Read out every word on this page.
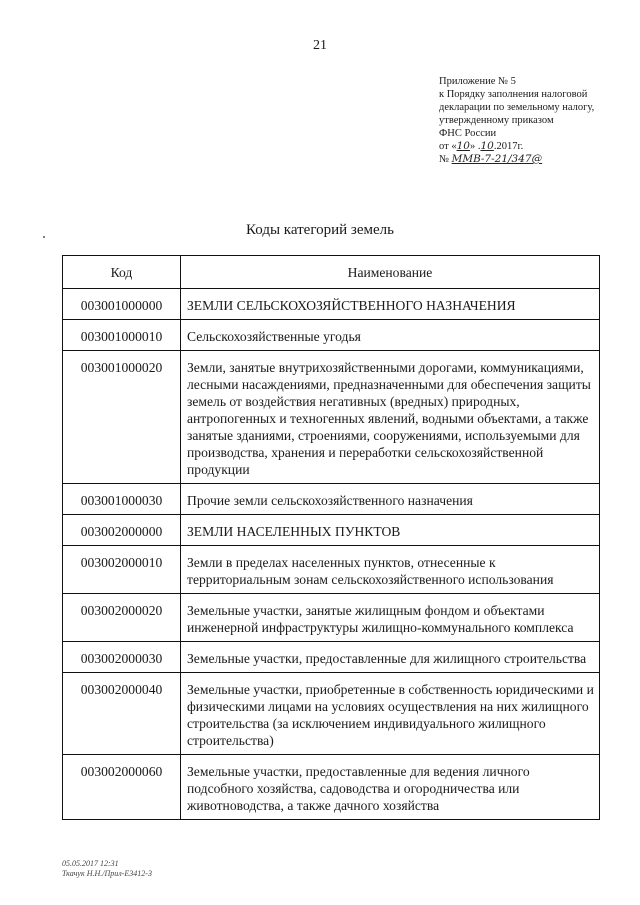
21
Приложение № 5
к Порядку заполнения налоговой
декларации по земельному налогу,
утвержденному приказом
ФНС России
от «10» .10.2017г.
№ ММВ-7-21/347@
Коды категорий земель
Код	Наименование
003001000000	ЗЕМЛИ СЕЛЬСКОХОЗЯЙСТВЕННОГО НАЗНАЧЕНИЯ
003001000010	Сельскохозяйственные угодья
003001000020	Земли, занятые внутрихозяйственными дорогами, коммуникациями, лесными насаждениями, предназначенными для обеспечения защиты земель от воздействия негативных (вредных) природных, антропогенных и техногенных явлений, водными объектами, а также занятые зданиями, строениями, сооружениями, используемыми для производства, хранения и переработки сельскохозяйственной продукции
003001000030	Прочие земли сельскохозяйственного назначения
003002000000	ЗЕМЛИ НАСЕЛЕННЫХ ПУНКТОВ
003002000010	Земли в пределах населенных пунктов, отнесенные к территориальным зонам сельскохозяйственного использования
003002000020	Земельные участки, занятые жилищным фондом и объектами инженерной инфраструктуры жилищно-коммунального комплекса
003002000030	Земельные участки, предоставленные для жилищного строительства
003002000040	Земельные участки, приобретенные в собственность юридическими и физическими лицами на условиях осуществления на них жилищного строительства (за исключением индивидуального жилищного строительства)
003002000060	Земельные участки, предоставленные для ведения личного подсобного хозяйства, садоводства и огородничества или животноводства, а также дачного хозяйства
05.05.2017 12:31
Ткачук Н.Н./Прил-Е3412-3
